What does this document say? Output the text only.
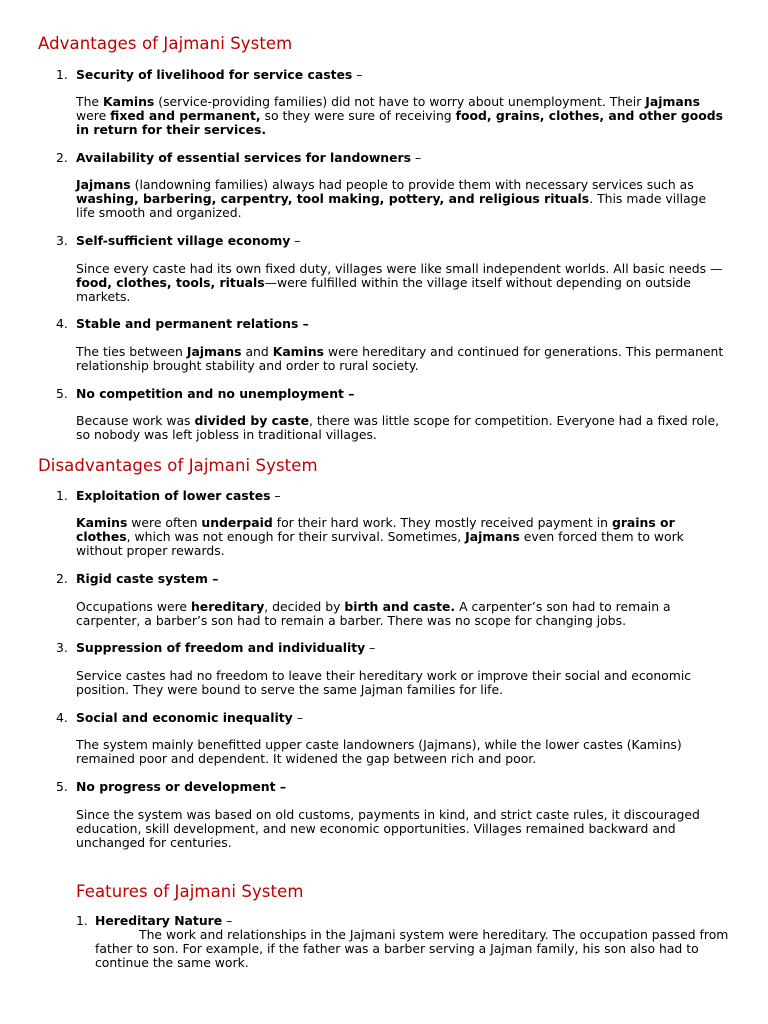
Advantages of Jajmani System
1. Security of livelihood for service castes –
The Kamins (service-providing families) did not have to worry about unemployment. Their Jajmans were fixed and permanent, so they were sure of receiving food, grains, clothes, and other goods in return for their services.
2. Availability of essential services for landowners –
Jajmans (landowning families) always had people to provide them with necessary services such as washing, barbering, carpentry, tool making, pottery, and religious rituals. This made village life smooth and organized.
3. Self-sufficient village economy –
Since every caste had its own fixed duty, villages were like small independent worlds. All basic needs —food, clothes, tools, rituals—were fulfilled within the village itself without depending on outside markets.
4. Stable and permanent relations –
The ties between Jajmans and Kamins were hereditary and continued for generations. This permanent relationship brought stability and order to rural society.
5. No competition and no unemployment –
Because work was divided by caste, there was little scope for competition. Everyone had a fixed role, so nobody was left jobless in traditional villages.
Disadvantages of Jajmani System
1. Exploitation of lower castes –
Kamins were often underpaid for their hard work. They mostly received payment in grains or clothes, which was not enough for their survival. Sometimes, Jajmans even forced them to work without proper rewards.
2. Rigid caste system –
Occupations were hereditary, decided by birth and caste. A carpenter’s son had to remain a carpenter, a barber’s son had to remain a barber. There was no scope for changing jobs.
3. Suppression of freedom and individuality –
Service castes had no freedom to leave their hereditary work or improve their social and economic position. They were bound to serve the same Jajman families for life.
4. Social and economic inequality –
The system mainly benefitted upper caste landowners (Jajmans), while the lower castes (Kamins) remained poor and dependent. It widened the gap between rich and poor.
5. No progress or development –
Since the system was based on old customs, payments in kind, and strict caste rules, it discouraged education, skill development, and new economic opportunities. Villages remained backward and unchanged for centuries.
Features of Jajmani System
1. Hereditary Nature –
The work and relationships in the Jajmani system were hereditary. The occupation passed from father to son. For example, if the father was a barber serving a Jajman family, his son also had to continue the same work.
